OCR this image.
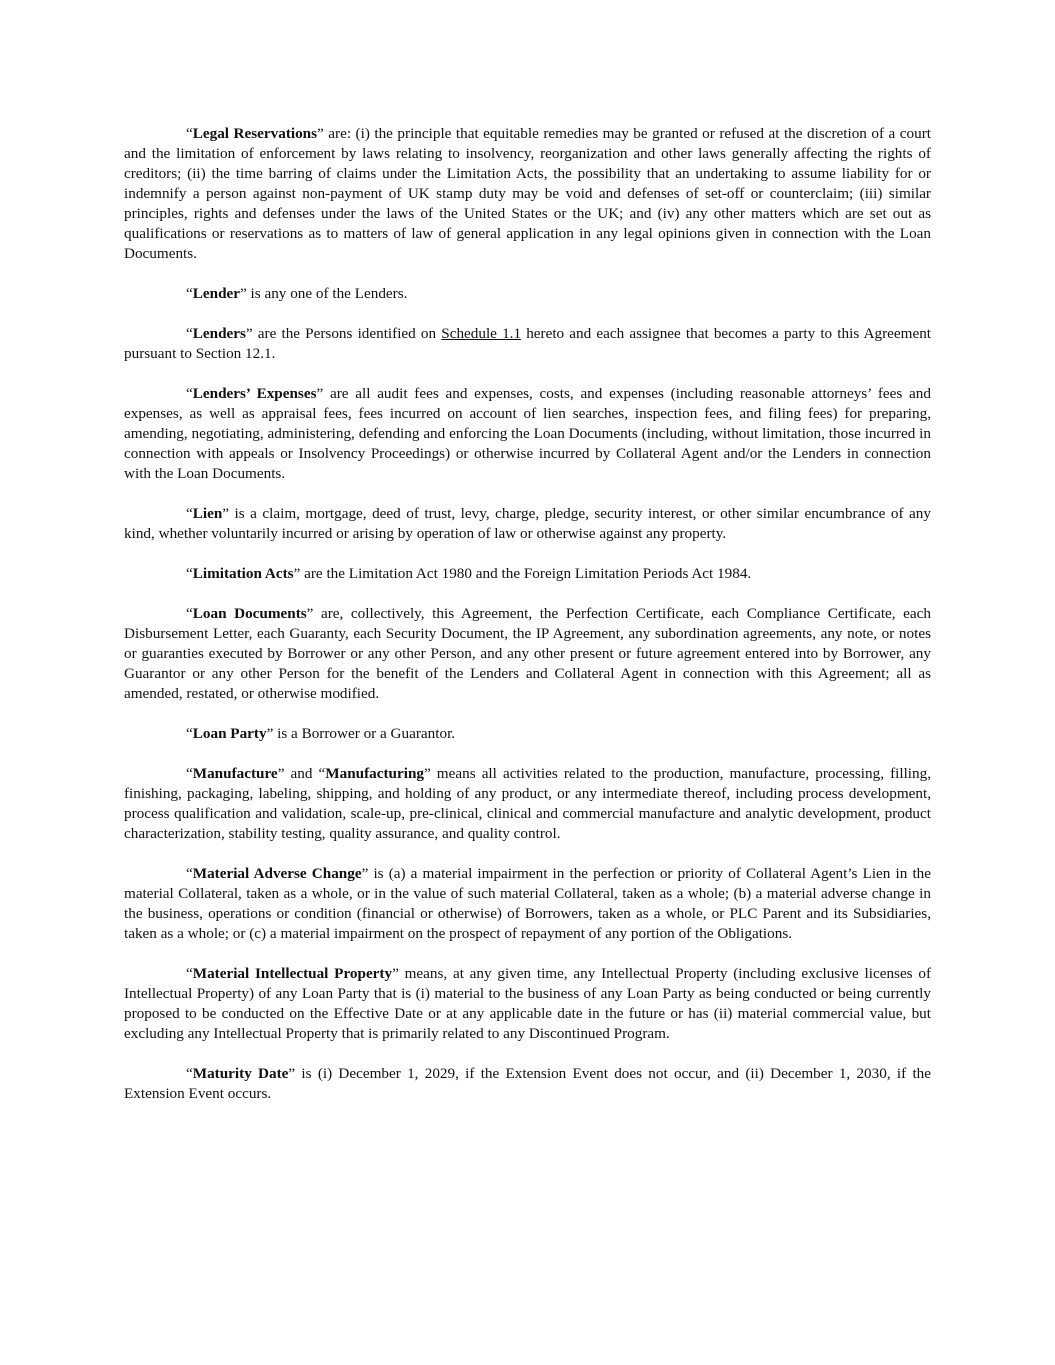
“Legal Reservations” are: (i) the principle that equitable remedies may be granted or refused at the discretion of a court and the limitation of enforcement by laws relating to insolvency, reorganization and other laws generally affecting the rights of creditors; (ii) the time barring of claims under the Limitation Acts, the possibility that an undertaking to assume liability for or indemnify a person against non-payment of UK stamp duty may be void and defenses of set-off or counterclaim; (iii) similar principles, rights and defenses under the laws of the United States or the UK; and (iv) any other matters which are set out as qualifications or reservations as to matters of law of general application in any legal opinions given in connection with the Loan Documents.

“Lender” is any one of the Lenders.

“Lenders” are the Persons identified on Schedule 1.1 hereto and each assignee that becomes a party to this Agreement pursuant to Section 12.1.

“Lenders’ Expenses” are all audit fees and expenses, costs, and expenses (including reasonable attorneys’ fees and expenses, as well as appraisal fees, fees incurred on account of lien searches, inspection fees, and filing fees) for preparing, amending, negotiating, administering, defending and enforcing the Loan Documents (including, without limitation, those incurred in connection with appeals or Insolvency Proceedings) or otherwise incurred by Collateral Agent and/or the Lenders in connection with the Loan Documents.

“Lien” is a claim, mortgage, deed of trust, levy, charge, pledge, security interest, or other similar encumbrance of any kind, whether voluntarily incurred or arising by operation of law or otherwise against any property.

“Limitation Acts” are the Limitation Act 1980 and the Foreign Limitation Periods Act 1984.

“Loan Documents” are, collectively, this Agreement, the Perfection Certificate, each Compliance Certificate, each Disbursement Letter, each Guaranty, each Security Document, the IP Agreement, any subordination agreements, any note, or notes or guaranties executed by Borrower or any other Person, and any other present or future agreement entered into by Borrower, any Guarantor or any other Person for the benefit of the Lenders and Collateral Agent in connection with this Agreement; all as amended, restated, or otherwise modified.

“Loan Party” is a Borrower or a Guarantor.

“Manufacture” and “Manufacturing” means all activities related to the production, manufacture, processing, filling, finishing, packaging, labeling, shipping, and holding of any product, or any intermediate thereof, including process development, process qualification and validation, scale-up, pre-clinical, clinical and commercial manufacture and analytic development, product characterization, stability testing, quality assurance, and quality control.

“Material Adverse Change” is (a) a material impairment in the perfection or priority of Collateral Agent’s Lien in the material Collateral, taken as a whole, or in the value of such material Collateral, taken as a whole; (b) a material adverse change in the business, operations or condition (financial or otherwise) of Borrowers, taken as a whole, or PLC Parent and its Subsidiaries, taken as a whole; or (c) a material impairment on the prospect of repayment of any portion of the Obligations.

“Material Intellectual Property” means, at any given time, any Intellectual Property (including exclusive licenses of Intellectual Property) of any Loan Party that is (i) material to the business of any Loan Party as being conducted or being currently proposed to be conducted on the Effective Date or at any applicable date in the future or has (ii) material commercial value, but excluding any Intellectual Property that is primarily related to any Discontinued Program.

“Maturity Date” is (i) December 1, 2029, if the Extension Event does not occur, and (ii) December 1, 2030, if the Extension Event occurs.
